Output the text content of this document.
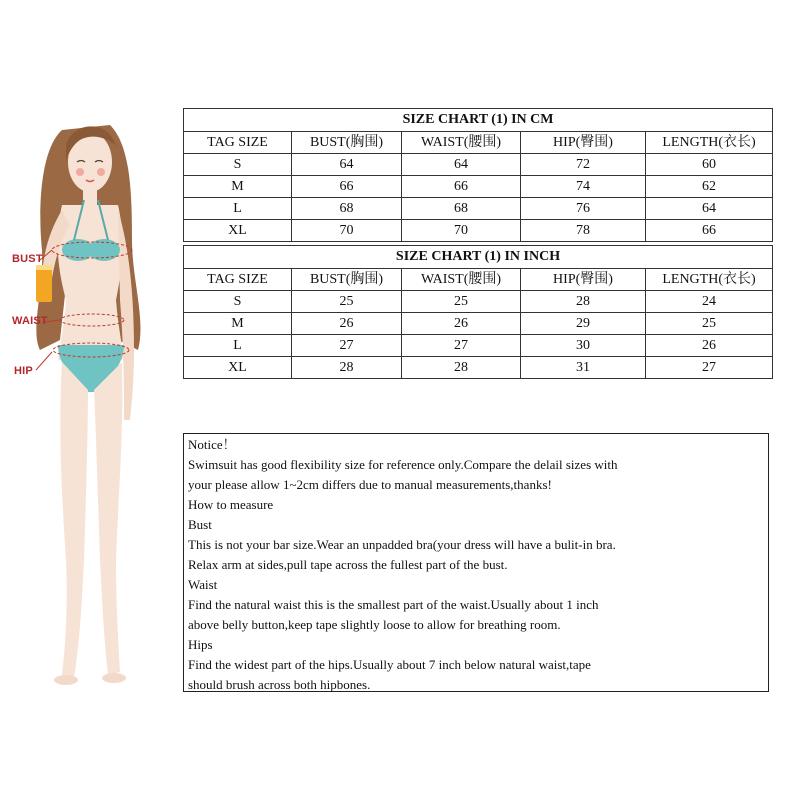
BUST
WAIST
HIP
SIZE CHART (1) IN CM				
TAG SIZE	BUST(胸围)	WAIST(腰围)	HIP(臀围)	LENGTH(衣长)
S	64	64	72	60
M	66	66	74	62
L	68	68	76	64
XL	70	70	78	66
SIZE CHART (1) IN INCH				
TAG SIZE	BUST(胸围)	WAIST(腰围)	HIP(臀围)	LENGTH(衣长)
S	25	25	28	24
M	26	26	29	25
L	27	27	30	26
XL	28	28	31	27
Notice！
Swimsuit has good flexibility size for reference only.Compare the delail sizes with
your please allow 1~2cm differs due to manual measurements,thanks!
How to measure
Bust
This is not your bar size.Wear an unpadded bra(your dress will have a bulit-in bra.
Relax arm at sides,pull tape across the fullest part of the bust.
Waist
Find the natural waist this is the smallest part of the waist.Usually about 1 inch
above belly button,keep tape slightly loose to allow for breathing room.
Hips
Find the widest part of the hips.Usually about 7 inch below natural waist,tape
should brush across both hipbones.
